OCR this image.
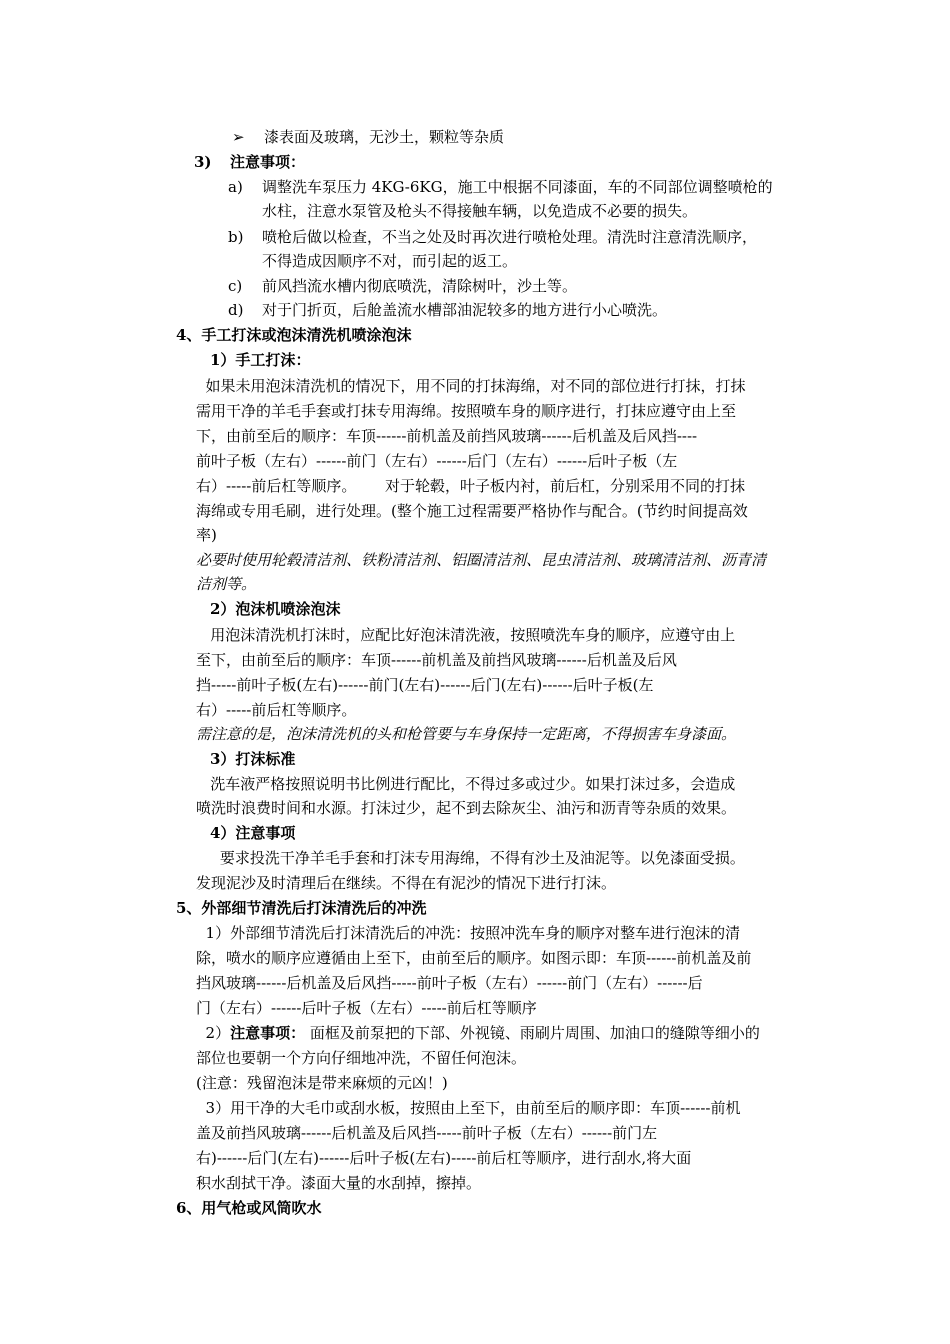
➢ 漆表面及玻璃，无沙土，颗粒等杂质
3) 注意事项：
a) 调整洗车泵压力 4KG-6KG，施工中根据不同漆面，车的不同部位调整喷枪的
水柱，注意水泵管及枪头不得接触车辆，以免造成不必要的损失。
b) 喷枪后做以检查，不当之处及时再次进行喷枪处理。清洗时注意清洗顺序，
不得造成因顺序不对，而引起的返工。
c) 前风挡流水槽内彻底喷洗，清除树叶，沙土等。
d) 对于门折页，后舱盖流水槽部油泥较多的地方进行小心喷洗。
4、手工打沫或泡沫清洗机喷涂泡沫
1）手工打沫：
如果未用泡沫清洗机的情况下，用不同的打抹海绵，对不同的部位进行打抹，打抹
需用干净的羊毛手套或打抹专用海绵。按照喷车身的顺序进行，打抹应遵守由上至
下，由前至后的顺序：车顶------前机盖及前挡风玻璃------后机盖及后风挡----
前叶子板（左右）------前门（左右）------后门（左右）------后叶子板（左
右）-----前后杠等顺序。      对于轮毂，叶子板内衬，前后杠，分别采用不同的打抹
海绵或专用毛刷，进行处理。(整个施工过程需要严格协作与配合。(节约时间提高效
率)
必要时使用轮毂清洁剂、铁粉清洁剂、铝圈清洁剂、昆虫清洁剂、玻璃清洁剂、沥青清
洁剂等。
2）泡沫机喷涂泡沫
用泡沫清洗机打沫时，应配比好泡沫清洗液，按照喷洗车身的顺序，应遵守由上
至下，由前至后的顺序：车顶------前机盖及前挡风玻璃------后机盖及后风
挡-----前叶子板(左右)------前门(左右)------后门(左右)------后叶子板(左
右）-----前后杠等顺序。
需注意的是，泡沫清洗机的头和枪管要与车身保持一定距离，不得损害车身漆面。
3）打沫标准
洗车液严格按照说明书比例进行配比，不得过多或过少。如果打沫过多，会造成
喷洗时浪费时间和水源。打沫过少，起不到去除灰尘、油污和沥青等杂质的效果。
4）注意事项
要求投洗干净羊毛手套和打沫专用海绵，不得有沙土及油泥等。以免漆面受损。
发现泥沙及时清理后在继续。不得在有泥沙的情况下进行打沫。
5、外部细节清洗后打沫清洗后的冲洗
1）外部细节清洗后打沫清洗后的冲洗：按照冲洗车身的顺序对整车进行泡沫的清
除，喷水的顺序应遵循由上至下，由前至后的顺序。如图示即：车顶------前机盖及前
挡风玻璃------后机盖及后风挡-----前叶子板（左右）------前门（左右）------后
门（左右）------后叶子板（左右）-----前后杠等顺序
2）注意事项： 面框及前泵把的下部、外视镜、雨刷片周围、加油口的缝隙等细小的
部位也要朝一个方向仔细地冲洗，不留任何泡沫。
(注意：残留泡沫是带来麻烦的元凶！)
3）用干净的大毛巾或刮水板，按照由上至下，由前至后的顺序即：车顶------前机
盖及前挡风玻璃------后机盖及后风挡-----前叶子板（左右）------前门左
右)------后门(左右)------后叶子板(左右)-----前后杠等顺序，进行刮水,将大面
积水刮拭干净。漆面大量的水刮掉，擦掉。
6、用气枪或风筒吹水
